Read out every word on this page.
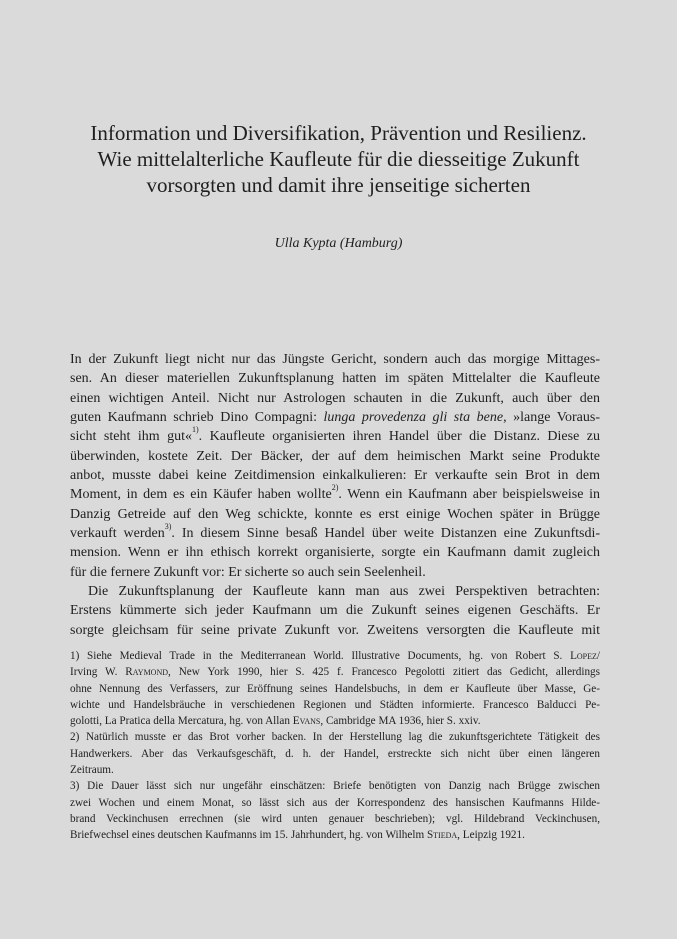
Information und Diversifikation, Prävention und Resilienz.
Wie mittelalterliche Kaufleute für die diesseitige Zukunft
vorsorgten und damit ihre jenseitige sicherten
Ulla Kypta (Hamburg)
In der Zukunft liegt nicht nur das Jüngste Gericht, sondern auch das morgige Mittages-
sen. An dieser materiellen Zukunftsplanung hatten im späten Mittelalter die Kaufleute
einen wichtigen Anteil. Nicht nur Astrologen schauten in die Zukunft, auch über den
guten Kaufmann schrieb Dino Compagni: lunga provedenza gli sta bene, »lange Voraus-
sicht steht ihm gut«$^{1)}$. Kaufleute organisierten ihren Handel über die Distanz. Diese zu
überwinden, kostete Zeit. Der Bäcker, der auf dem heimischen Markt seine Produkte
anbot, musste dabei keine Zeitdimension einkalkulieren: Er verkaufte sein Brot in dem
Moment, in dem es ein Käufer haben wollte$^{2)}$. Wenn ein Kaufmann aber beispielsweise in
Danzig Getreide auf den Weg schickte, konnte es erst einige Wochen später in Brügge
verkauft werden$^{3)}$. In diesem Sinne besaß Handel über weite Distanzen eine Zukunftsdi-
mension. Wenn er ihn ethisch korrekt organisierte, sorgte ein Kaufmann damit zugleich
für die fernere Zukunft vor: Er sicherte so auch sein Seelenheil.
Die Zukunftsplanung der Kaufleute kann man aus zwei Perspektiven betrachten:
Erstens kümmerte sich jeder Kaufmann um die Zukunft seines eigenen Geschäfts. Er
sorgte gleichsam für seine private Zukunft vor. Zweitens versorgten die Kaufleute mit
1) Siehe Medieval Trade in the Mediterranean World. Illustrative Documents, hg. von Robert S. Lopez/
Irving W. Raymond, New York 1990, hier S. 425 f. Francesco Pegolotti zitiert das Gedicht, allerdings
ohne Nennung des Verfassers, zur Eröffnung seines Handelsbuchs, in dem er Kaufleute über Masse, Ge-
wichte und Handelsbräuche in verschiedenen Regionen und Städten informierte. Francesco Balducci Pe-
golotti, La Pratica della Mercatura, hg. von Allan Evans, Cambridge MA 1936, hier S. xxiv.
2) Natürlich musste er das Brot vorher backen. In der Herstellung lag die zukunftsgerichtete Tätigkeit des
Handwerkers. Aber das Verkaufsgeschäft, d. h. der Handel, erstreckte sich nicht über einen längeren
Zeitraum.
3) Die Dauer lässt sich nur ungefähr einschätzen: Briefe benötigten von Danzig nach Brügge zwischen
zwei Wochen und einem Monat, so lässt sich aus der Korrespondenz des hansischen Kaufmanns Hilde-
brand Veckinchusen errechnen (sie wird unten genauer beschrieben); vgl. Hildebrand Veckinchusen,
Briefwechsel eines deutschen Kaufmanns im 15. Jahrhundert, hg. von Wilhelm Stieda, Leipzig 1921.
